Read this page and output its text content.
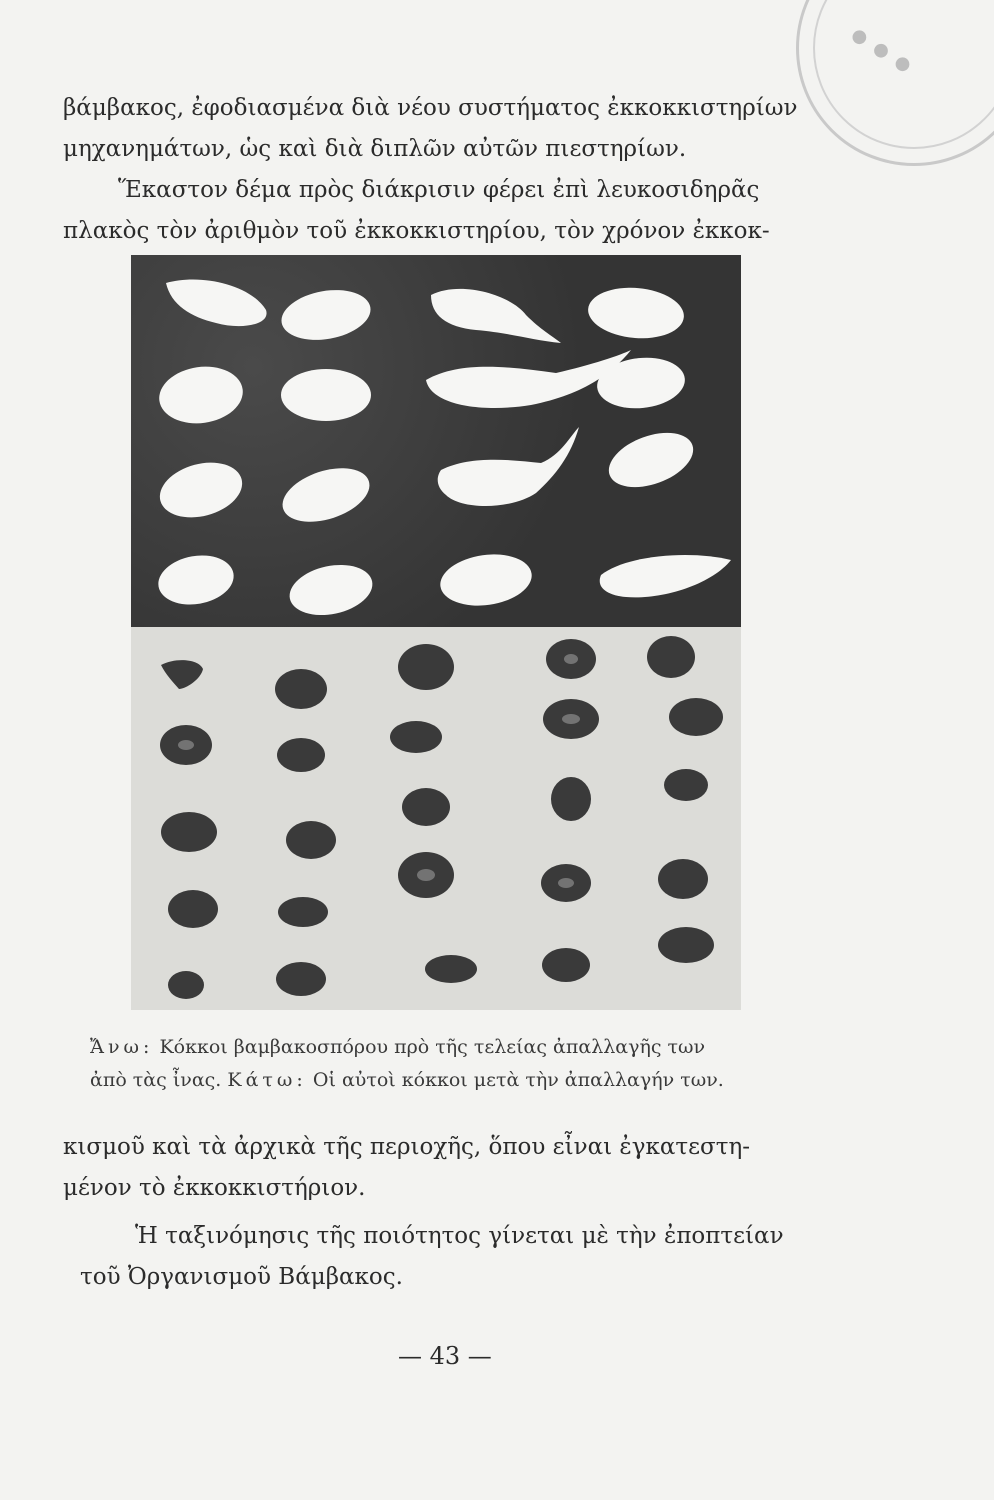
● ● ●
βάμβακος, ἐφοδιασμένα διὰ νέου συστήματος ἐκκοκκιστηρίων
μηχανημάτων, ὡς καὶ διὰ διπλῶν αὐτῶν πιεστηρίων.
Ἕκαστον δέμα πρὸς διάκρισιν φέρει ἐπὶ λευκοσιδηρᾶς
πλακὸς τὸν ἀριθμὸν τοῦ ἐκκοκκιστηρίου, τὸν χρόνον ἐκκοκ-
Ἄνω: Κόκκοι βαμβακοσπόρου πρὸ τῆς τελείας ἀπαλλαγῆς των
ἀπὸ τὰς ἶνας. Κάτω: Οἱ αὐτοὶ κόκκοι μετὰ τὴν ἀπαλλαγήν των.
κισμοῦ καὶ τὰ ἀρχικὰ τῆς περιοχῆς, ὅπου εἶναι ἐγκατεστη-
μένον τὸ ἐκκοκκιστήριον.
Ἡ ταξινόμησις τῆς ποιότητος γίνεται μὲ τὴν ἐποπτείαν
τοῦ Ὀργανισμοῦ Βάμβακος.
— 43 —
